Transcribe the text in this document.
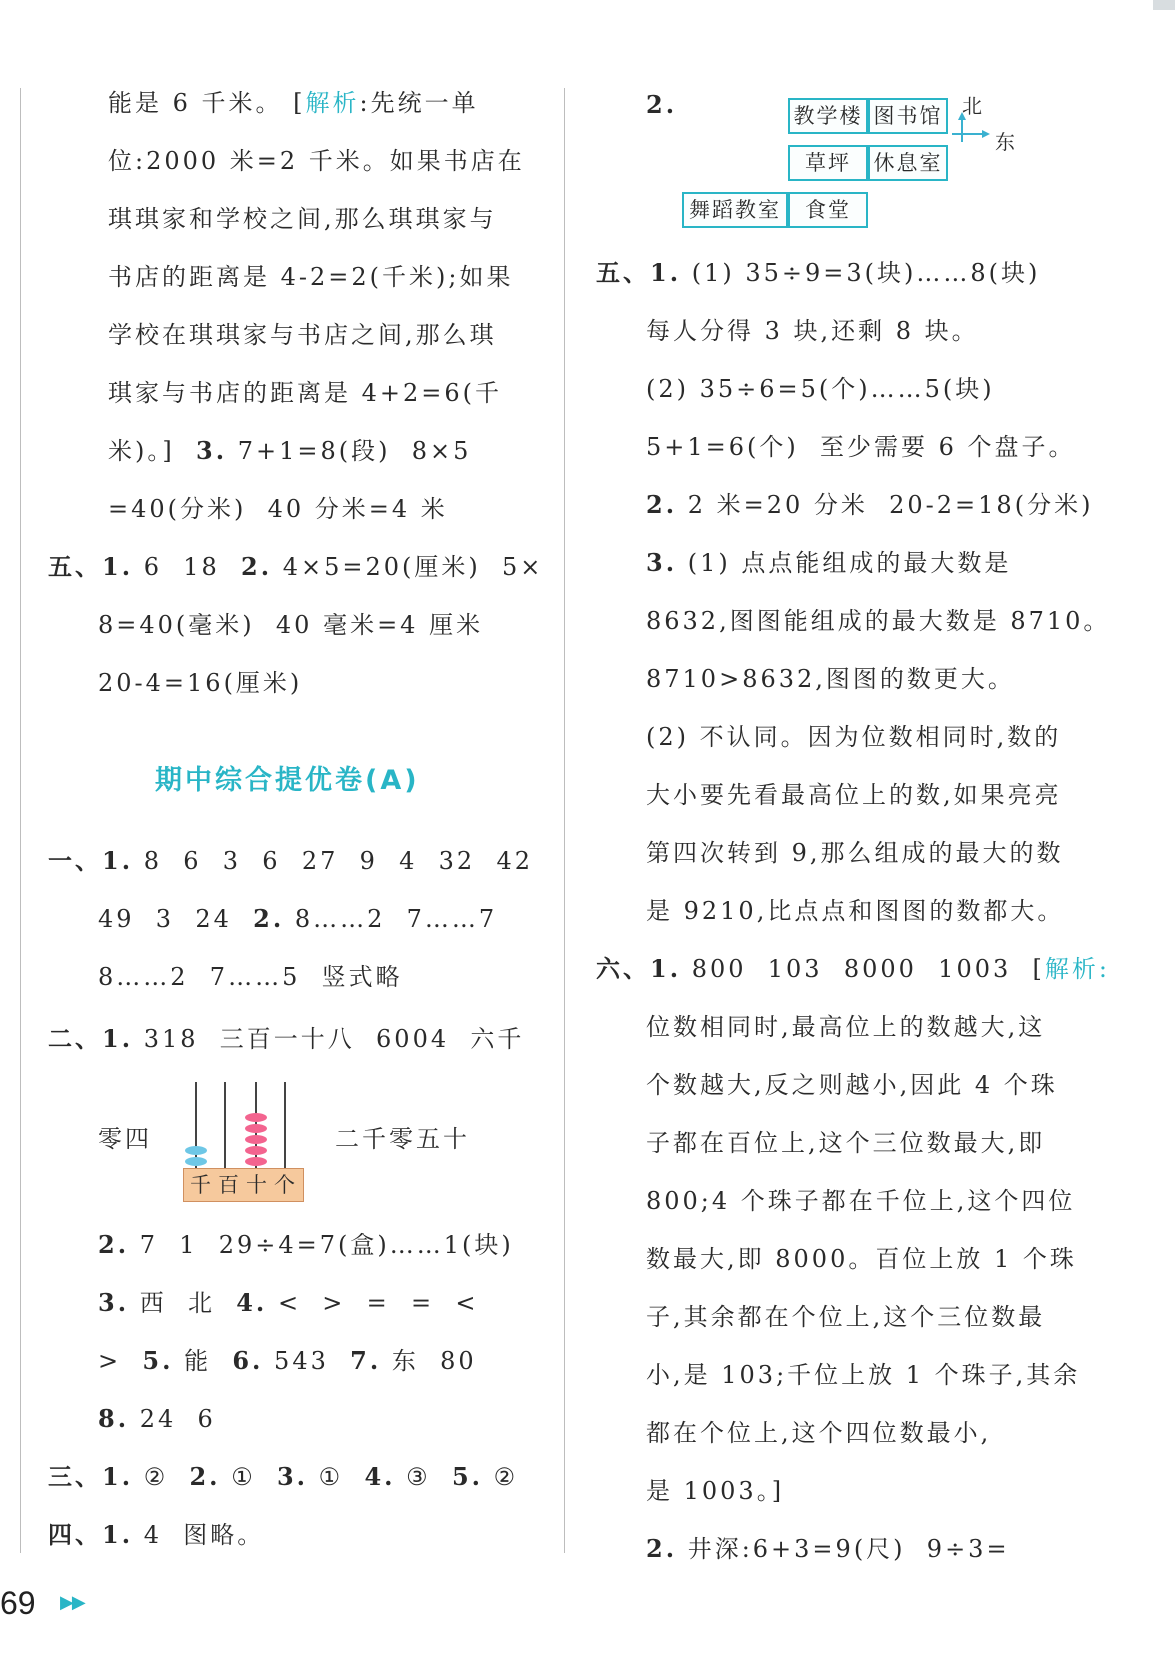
能是 6 千米。 [解析:先统一单
位:2000 米=2 千米。如果书店在
琪琪家和学校之间,那么琪琪家与
书店的距离是 4-2=2(千米);如果
学校在琪琪家与书店之间,那么琪
琪家与书店的距离是 4+2=6(千
米)。] 3. 7+1=8(段)  8×5
=40(分米)  40 分米=4 米
五、1. 6  18 2. 4×5=20(厘米)  5×
8=40(毫米)  40 毫米=4 厘米
20-4=16(厘米)
期中综合提优卷(A)
一、1. 8  6  3  6  27  9  4  32  42
49  3  24 2. 8……2  7……7
8……2  7……5  竖式略
二、1. 318  三百一十八  6004  六千
零四
千百十个
二千零五十
2. 7  1  29÷4=7(盒)……1(块)
3. 西  北 4. <  >  =  =  <
> 5. 能 6. 543 7. 东  80
8. 24  6
三、1. ② 2. ① 3. ① 4. ③ 5. ②
四、1. 4  图略。
2.	教学楼 图书馆
草坪	休息室
舞蹈教室	食堂
北
东
五、1. (1) 35÷9=3(块)……8(块)
每人分得 3 块,还剩 8 块。
(2) 35÷6=5(个)……5(块)
5+1=6(个)  至少需要 6 个盘子。
2. 2 米=20 分米  20-2=18(分米)
3. (1) 点点能组成的最大数是
8632,图图能组成的最大数是 8710。
8710>8632,图图的数更大。
(2) 不认同。因为位数相同时,数的
大小要先看最高位上的数,如果亮亮
第四次转到 9,那么组成的最大的数
是 9210,比点点和图图的数都大。
六、1. 800  103  8000  1003  [解析:
位数相同时,最高位上的数越大,这
个数越大,反之则越小,因此 4 个珠
子都在百位上,这个三位数最大,即
800;4 个珠子都在千位上,这个四位
数最大,即 8000。百位上放 1 个珠
子,其余都在个位上,这个三位数最
小,是 103;千位上放 1 个珠子,其余
都在个位上,这个四位数最小,
是 1003。]
2. 井深:6+3=9(尺)  9÷3=
69 ▶▶
